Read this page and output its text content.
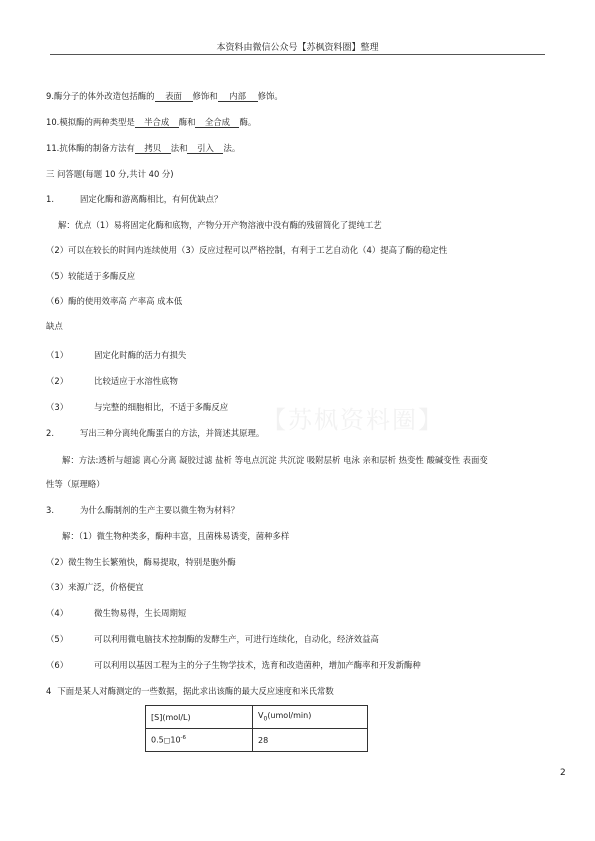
本资料由微信公众号【苏枫资料圈】整理
【苏枫资料圈】
9.酶分子的体外改造包括酶的 表面 修饰和 内部 修饰。
10.模拟酶的两种类型是 半合成 酶和 全合成 酶。
11.抗体酶的制备方法有 拷贝 法和 引入 法。
三 问答题(每题 10 分,共计 40 分)
1.	固定化酶和游离酶相比，有何优缺点？
解：优点（1）易将固定化酶和底物，产物分开产物溶液中没有酶的残留简化了提纯工艺
（2）可以在较长的时间内连续使用（3）反应过程可以严格控制，有利于工艺自动化（4）提高了酶的稳定性
（5）较能适于多酶反应
（6）酶的使用效率高 产率高 成本低
缺点
（1）	固定化时酶的活力有损失
（2）	比较适应于水溶性底物
（3）	与完整的细胞相比，不适于多酶反应
2.	写出三种分离纯化酶蛋白的方法，并简述其原理。
解：方法:透析与超滤 离心分离 凝胶过滤 盐析 等电点沉淀 共沉淀 吸附层析 电泳 亲和层析 热变性 酸碱变性 表面变
性等（原理略）
3.	为什么酶制剂的生产主要以微生物为材料？
解：（1）微生物种类多，酶种丰富，且菌株易诱变，菌种多样
（2）微生物生长繁殖快，酶易提取，特别是胞外酶
（3）来源广泛，价格便宜
（4）	微生物易得，生长周期短
（5）	可以利用微电脑技术控制酶的发酵生产，可进行连续化，自动化，经济效益高
（6）	可以利用以基因工程为主的分子生物学技术，选育和改造菌种，增加产酶率和开发新酶种
4 下面是某人对酶测定的一些数据，据此求出该酶的最大反应速度和米氏常数
[S](mol/L)	$V_0(umol/\min)$
$0.5□10^{-6}$	28
2
